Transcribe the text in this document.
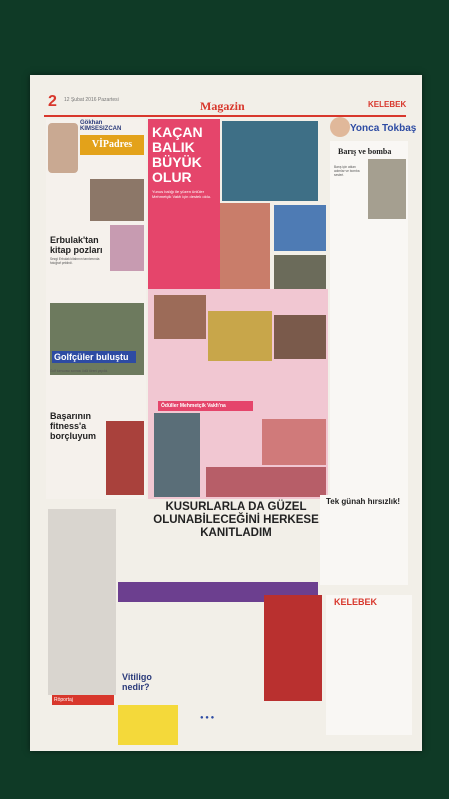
2 12 Şubat 2016 Pazartesi	Magazin	KELEBEK
Gökhan KIMSESIZCAN
VİPadres
Erbulak'tan kitap pozları
Sezgi Erbulak kitabının tanıtımında fotoğraf çektirdi.
Golfçüler buluştu
Golf turnuvası sonrası ödül töreni yapıldı.
Başarının fitness'a borçluyum
KAÇAN BALIK BÜYÜK OLUR
Yunus balığı ile yüzen ünlüler Mehmetçik Vakfı için destek oldu.
Ödüller Mehmetçik Vakfı'na
Yonca Tokbaş
Barış ve bomba
Barış için atılan adımlar ve bomba sesleri.
Tek günah hırsızlık!
KUSURLARLA DA GÜZEL OLUNABİLECEĞİNİ HERKESE KANITLADIM
Röportaj
Vitiligo nedir?
KELEBEK
● ● ●
